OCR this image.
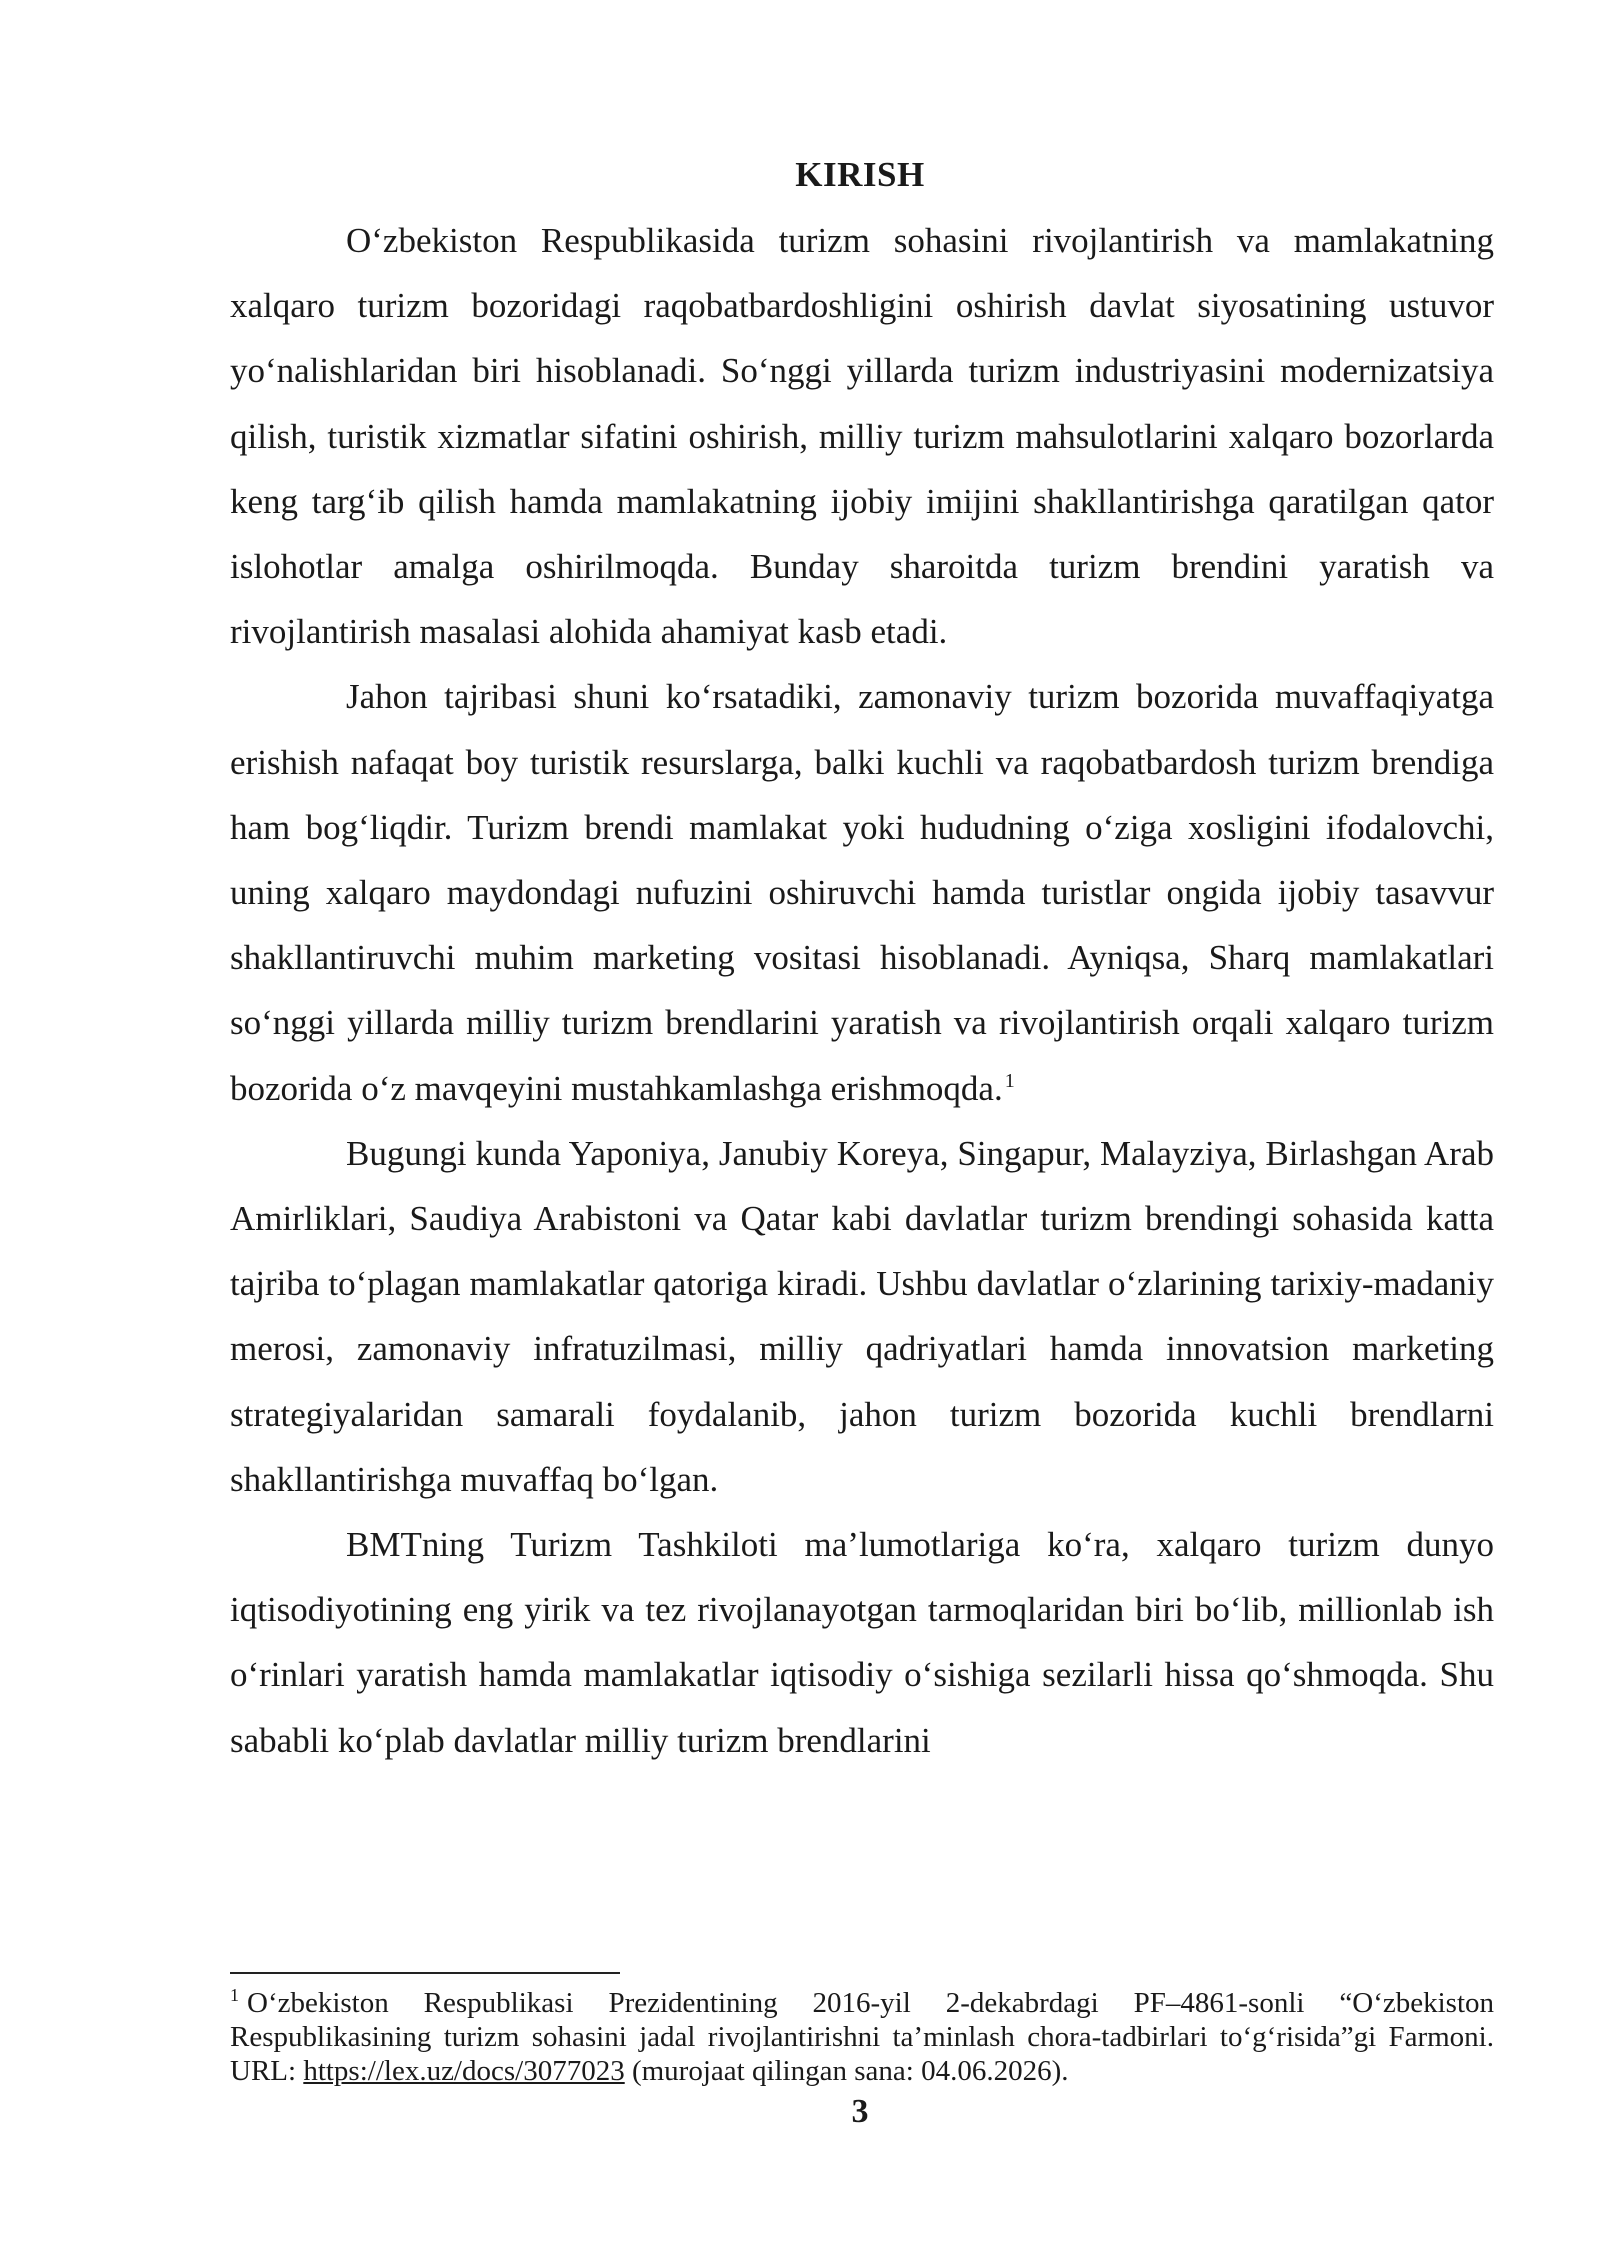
KIRISH

O‘zbekiston Respublikasida turizm sohasini rivojlantirish va mamlakatning xalqaro turizm bozoridagi raqobatbardoshligini oshirish davlat siyosatining ustuvor yo‘nalishlaridan biri hisoblanadi. So‘nggi yillarda turizm industriyasini modernizatsiya qilish, turistik xizmatlar sifatini oshirish, milliy turizm mahsulotlarini xalqaro bozorlarda keng targ‘ib qilish hamda mamlakatning ijobiy imijini shakllantirishga qaratilgan qator islohotlar amalga oshirilmoqda. Bunday sharoitda turizm brendini yaratish va rivojlantirish masalasi alohida ahamiyat kasb etadi.

Jahon tajribasi shuni ko‘rsatadiki, zamonaviy turizm bozorida muvaffaqiyatga erishish nafaqat boy turistik resurslarga, balki kuchli va raqobatbardosh turizm brendiga ham bog‘liqdir. Turizm brendi mamlakat yoki hududning o‘ziga xosligini ifodalovchi, uning xalqaro maydondagi nufuzini oshiruvchi hamda turistlar ongida ijobiy tasavvur shakllantiruvchi muhim marketing vositasi hisoblanadi. Ayniqsa, Sharq mamlakatlari so‘nggi yillarda milliy turizm brendlarini yaratish va rivojlantirish orqali xalqaro turizm bozorida o‘z mavqeyini mustahkamlashga erishmoqda. $^1$

Bugungi kunda Yaponiya, Janubiy Koreya, Singapur, Malayziya, Birlashgan Arab Amirliklari, Saudiya Arabistoni va Qatar kabi davlatlar turizm brendingi sohasida katta tajriba to‘plagan mamlakatlar qatoriga kiradi. Ushbu davlatlar o‘zlarining tarixiy-madaniy merosi, zamonaviy infratuzilmasi, milliy qadriyatlari hamda innovatsion marketing strategiyalaridan samarali foydalanib, jahon turizm bozorida kuchli brendlarni shakllantirishga muvaffaq bo‘lgan.

BMTning Turizm Tashkiloti ma’lumotlariga ko‘ra, xalqaro turizm dunyo iqtisodiyotining eng yirik va tez rivojlanayotgan tarmoqlaridan biri bo‘lib, millionlab ish o‘rinlari yaratish hamda mamlakatlar iqtisodiy o‘sishiga sezilarli hissa qo‘shmoqda. Shu sababli ko‘plab davlatlar milliy turizm brendlarini

$^1$ O‘zbekiston Respublikasi Prezidentining 2016-yil 2-dekabrdagi PF–4861-sonli “O‘zbekiston Respublikasining turizm sohasini jadal rivojlantirishni ta’minlash chora-tadbirlari to‘g‘risida”gi Farmoni. URL: https://lex.uz/docs/3077023 (murojaat qilingan sana: 04.06.2026).
3
